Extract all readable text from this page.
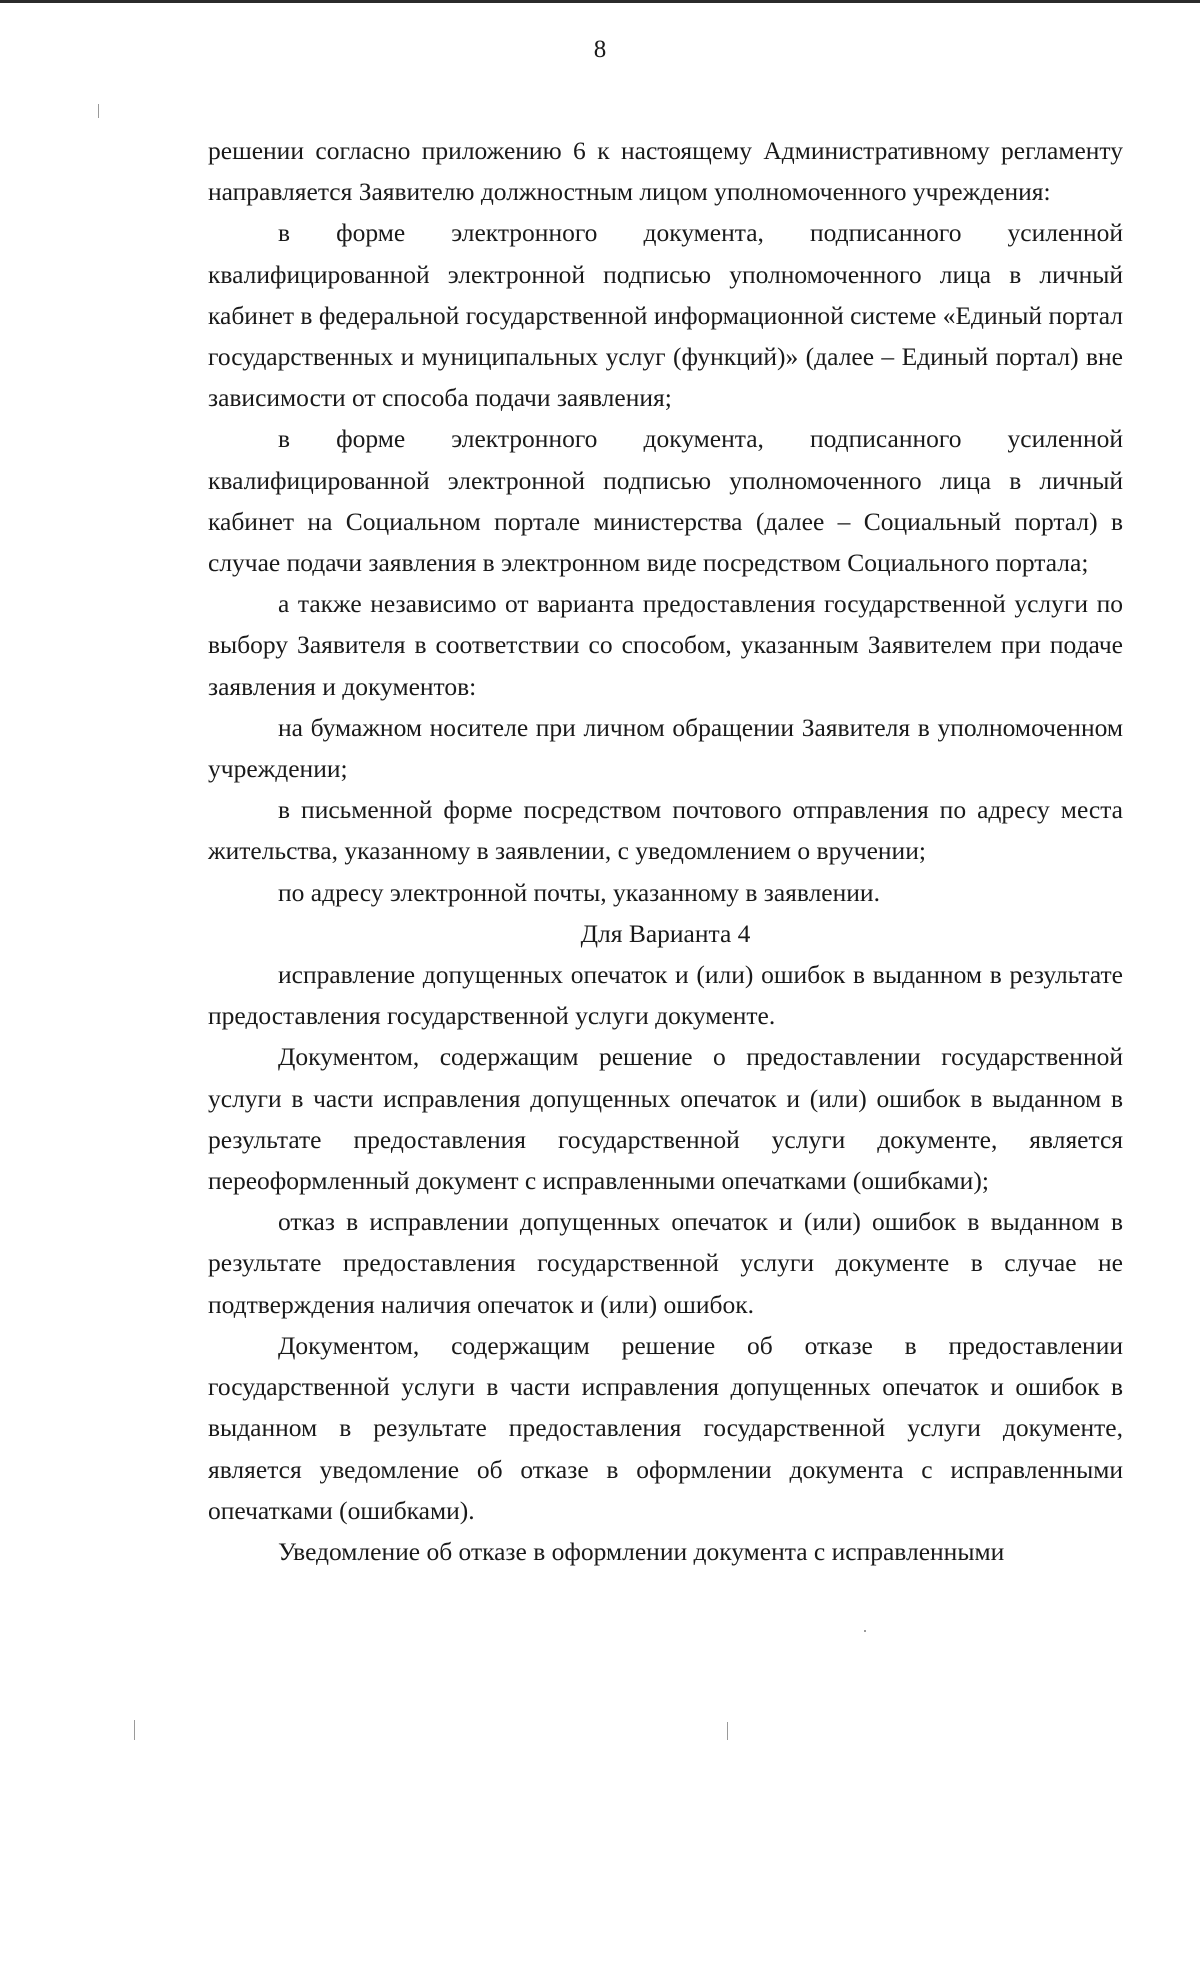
8

решении согласно приложению 6 к настоящему Административному регламенту направляется Заявителю должностным лицом уполномоченного учреждения:

в форме электронного документа, подписанного усиленной квалифицированной электронной подписью уполномоченного лица в личный кабинет в федеральной государственной информационной системе «Единый портал государственных и муниципальных услуг (функций)» (далее – Единый портал) вне зависимости от способа подачи заявления;

в форме электронного документа, подписанного усиленной квалифицированной электронной подписью уполномоченного лица в личный кабинет на Социальном портале министерства (далее – Социальный портал) в случае подачи заявления в электронном виде посредством Социального портала;

а также независимо от варианта предоставления государственной услуги по выбору Заявителя в соответствии со способом, указанным Заявителем при подаче заявления и документов:

на бумажном носителе при личном обращении Заявителя в уполномоченном учреждении;

в письменной форме посредством почтового отправления по адресу места жительства, указанному в заявлении, с уведомлением о вручении;

по адресу электронной почты, указанному в заявлении.

Для Варианта 4

исправление допущенных опечаток и (или) ошибок в выданном в результате предоставления государственной услуги документе.

Документом, содержащим решение о предоставлении государственной услуги в части исправления допущенных опечаток и (или) ошибок в выданном в результате предоставления государственной услуги документе, является переоформленный документ с исправленными опечатками (ошибками);

отказ в исправлении допущенных опечаток и (или) ошибок в выданном в результате предоставления государственной услуги документе в случае не подтверждения наличия опечаток и (или) ошибок.

Документом, содержащим решение об отказе в предоставлении государственной услуги в части исправления допущенных опечаток и ошибок в выданном в результате предоставления государственной услуги документе, является уведомление об отказе в оформлении документа с исправленными опечатками (ошибками).

Уведомление об отказе в оформлении документа с исправленными
